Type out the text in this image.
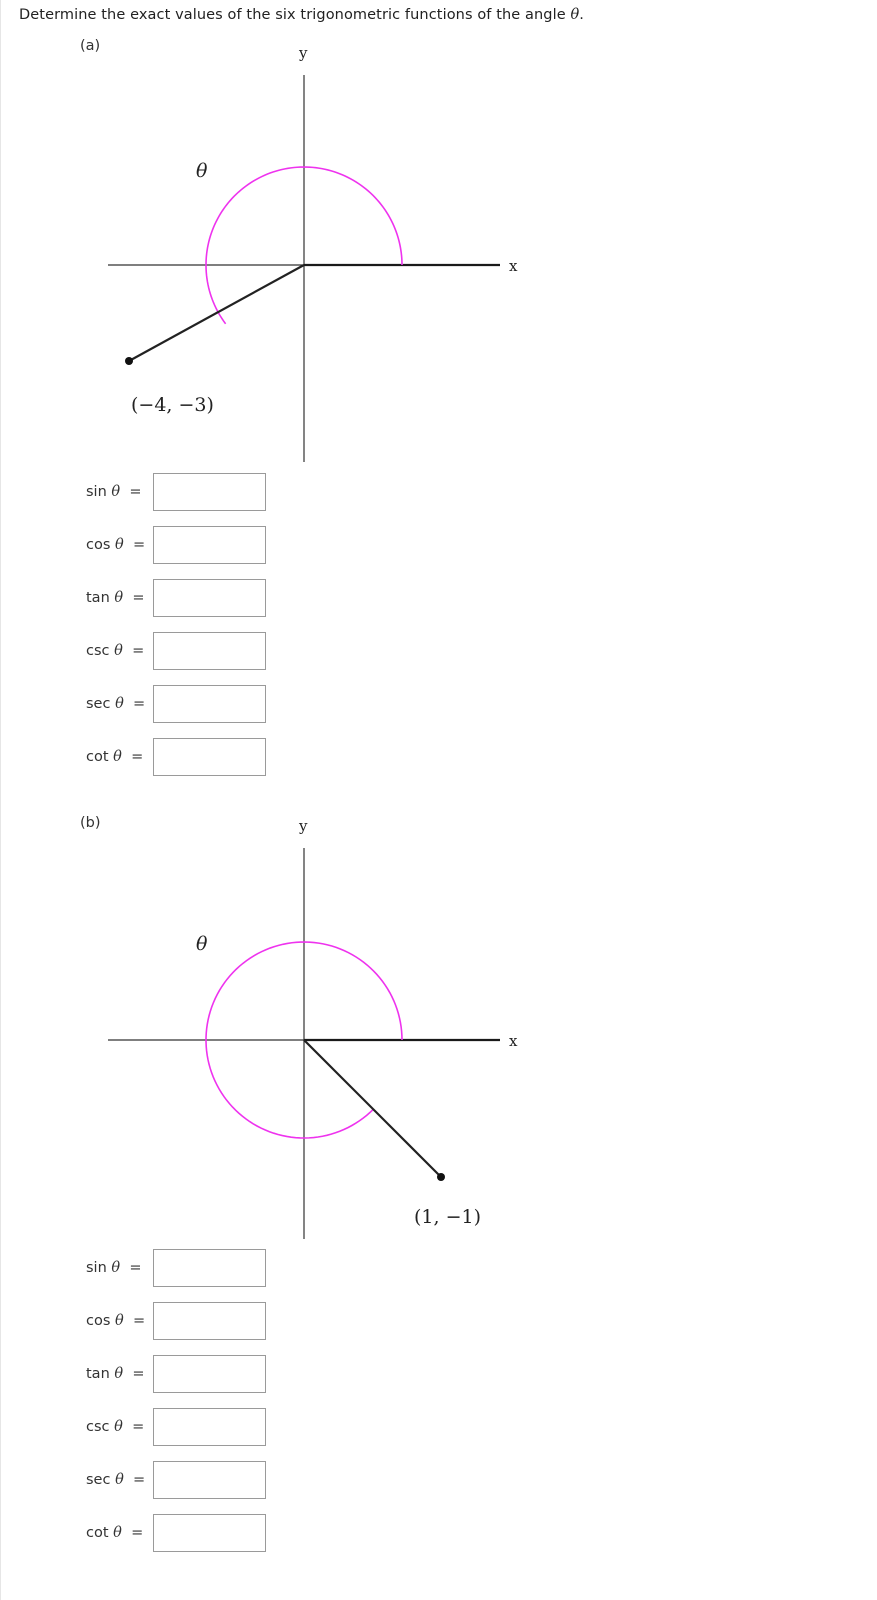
Determine the exact values of the six trigonometric functions of the angle θ.
(a)	y
x
θ
(−4, −3)
sin θ =
cos θ =
tan θ =
csc θ =
sec θ =
cot θ =
(b)	y
x
θ
(1, −1)
sin θ =
cos θ =
tan θ =
csc θ =
sec θ =
cot θ =
